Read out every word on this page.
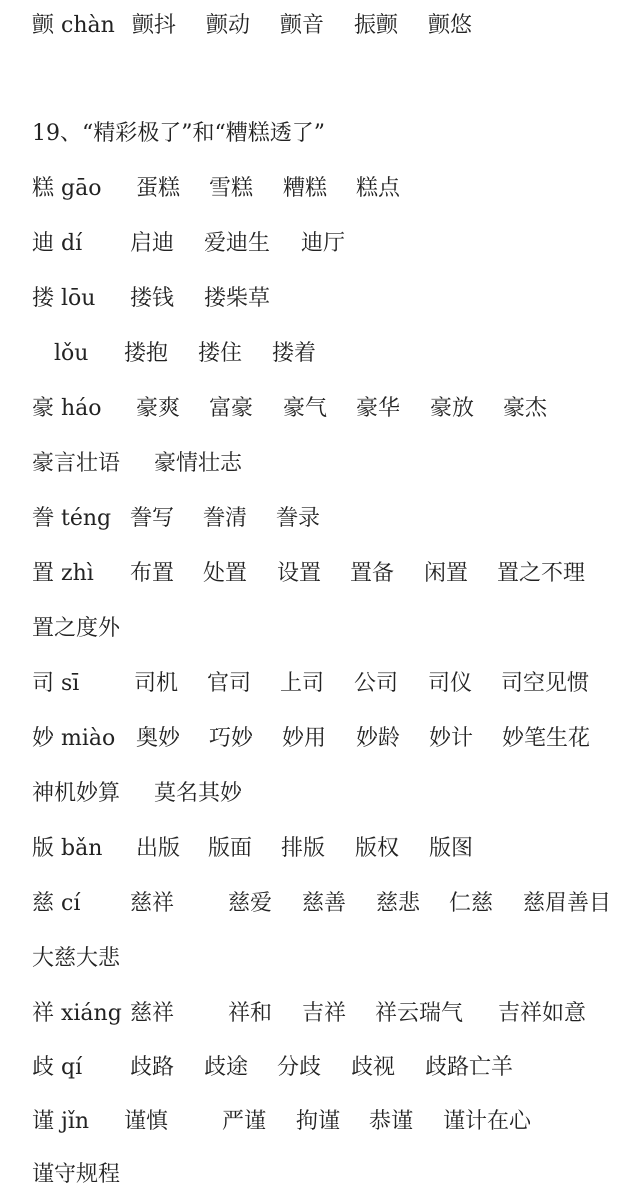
颤 chàn 颤抖 颤动 颤音 振颤 颤悠
19、“精彩极了”和“糟糕透了”
糕 gāo 蛋糕 雪糕 糟糕 糕点
迪 dí 启迪 爱迪生 迪厅
搂 lōu 搂钱 搂柴草
lǒu 搂抱 搂住 搂着
豪 háo 豪爽 富豪 豪气 豪华 豪放 豪杰
豪言壮语 豪情壮志
誊 téng 誊写 誊清 誊录
置 zhì 布置 处置 设置 置备 闲置 置之不理
置之度外
司 sī 司机 官司 上司 公司 司仪 司空见惯
妙 miào 奥妙 巧妙 妙用 妙龄 妙计 妙笔生花
神机妙算 莫名其妙
版 bǎn 出版 版面 排版 版权 版图
慈 cí 慈祥 慈爱 慈善 慈悲 仁慈 慈眉善目
大慈大悲
祥 xiáng 慈祥 祥和 吉祥 祥云瑞气 吉祥如意
歧 qí 歧路 歧途 分歧 歧视 歧路亡羊
谨 jǐn 谨慎 严谨 拘谨 恭谨 谨计在心
谨守规程
